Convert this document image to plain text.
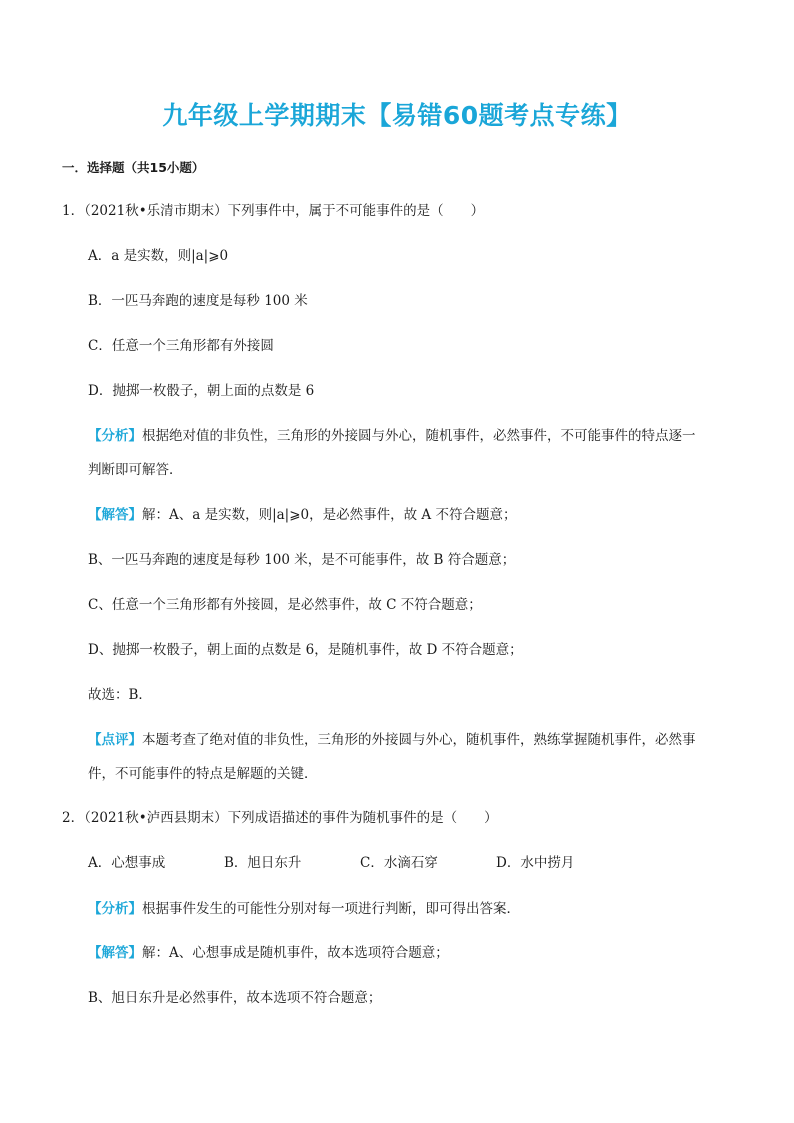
九年级上学期期末【易错60题考点专练】
一．选择题（共15小题）
1．（2021秋•乐清市期末）下列事件中，属于不可能事件的是（　　）
A．a 是实数，则|a|⩾0
B．一匹马奔跑的速度是每秒 100 米
C．任意一个三角形都有外接圆
D．抛掷一枚骰子，朝上面的点数是 6
【分析】根据绝对值的非负性，三角形的外接圆与外心，随机事件，必然事件，不可能事件的特点逐一
判断即可解答．
【解答】解：A、a 是实数，则|a|⩾0，是必然事件，故 A 不符合题意；
B、一匹马奔跑的速度是每秒 100 米，是不可能事件，故 B 符合题意；
C、任意一个三角形都有外接圆，是必然事件，故 C 不符合题意；
D、抛掷一枚骰子，朝上面的点数是 6，是随机事件，故 D 不符合题意；
故选：B．
【点评】本题考查了绝对值的非负性，三角形的外接圆与外心，随机事件，熟练掌握随机事件，必然事
件，不可能事件的特点是解题的关键．
2．（2021秋•泸西县期末）下列成语描述的事件为随机事件的是（　　）
A．心想事成	B．旭日东升	C．水滴石穿	D．水中捞月
【分析】根据事件发生的可能性分别对每一项进行判断，即可得出答案．
【解答】解：A、心想事成是随机事件，故本选项符合题意；
B、旭日东升是必然事件，故本选项不符合题意；
